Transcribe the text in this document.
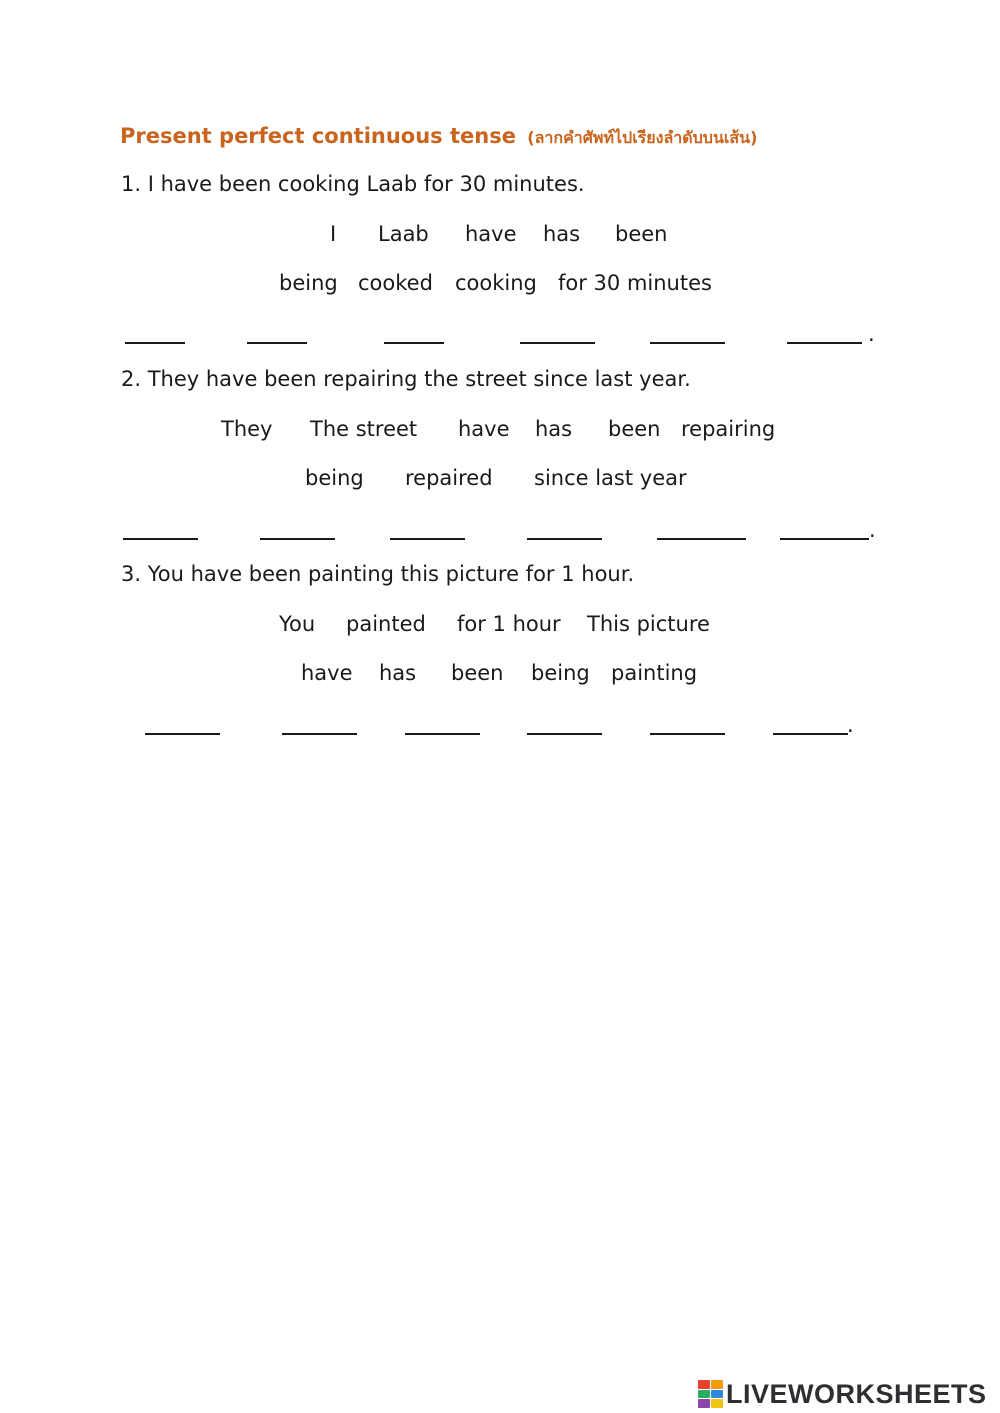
Present perfect continuous tense (ลากคำศัพท์ไปเรียงลำดับบนเส้น)
1. I have been cooking Laab for 30 minutes.
I Laab have has been
being cooked cooking for 30 minutes
.
2. They have been repairing the street since last year.
They The street have has been repairing
being repaired since last year
.
3. You have been painting this picture for 1 hour.
You painted for 1 hour This picture
have has been being painting
.
LIVEWORKSHEETS
